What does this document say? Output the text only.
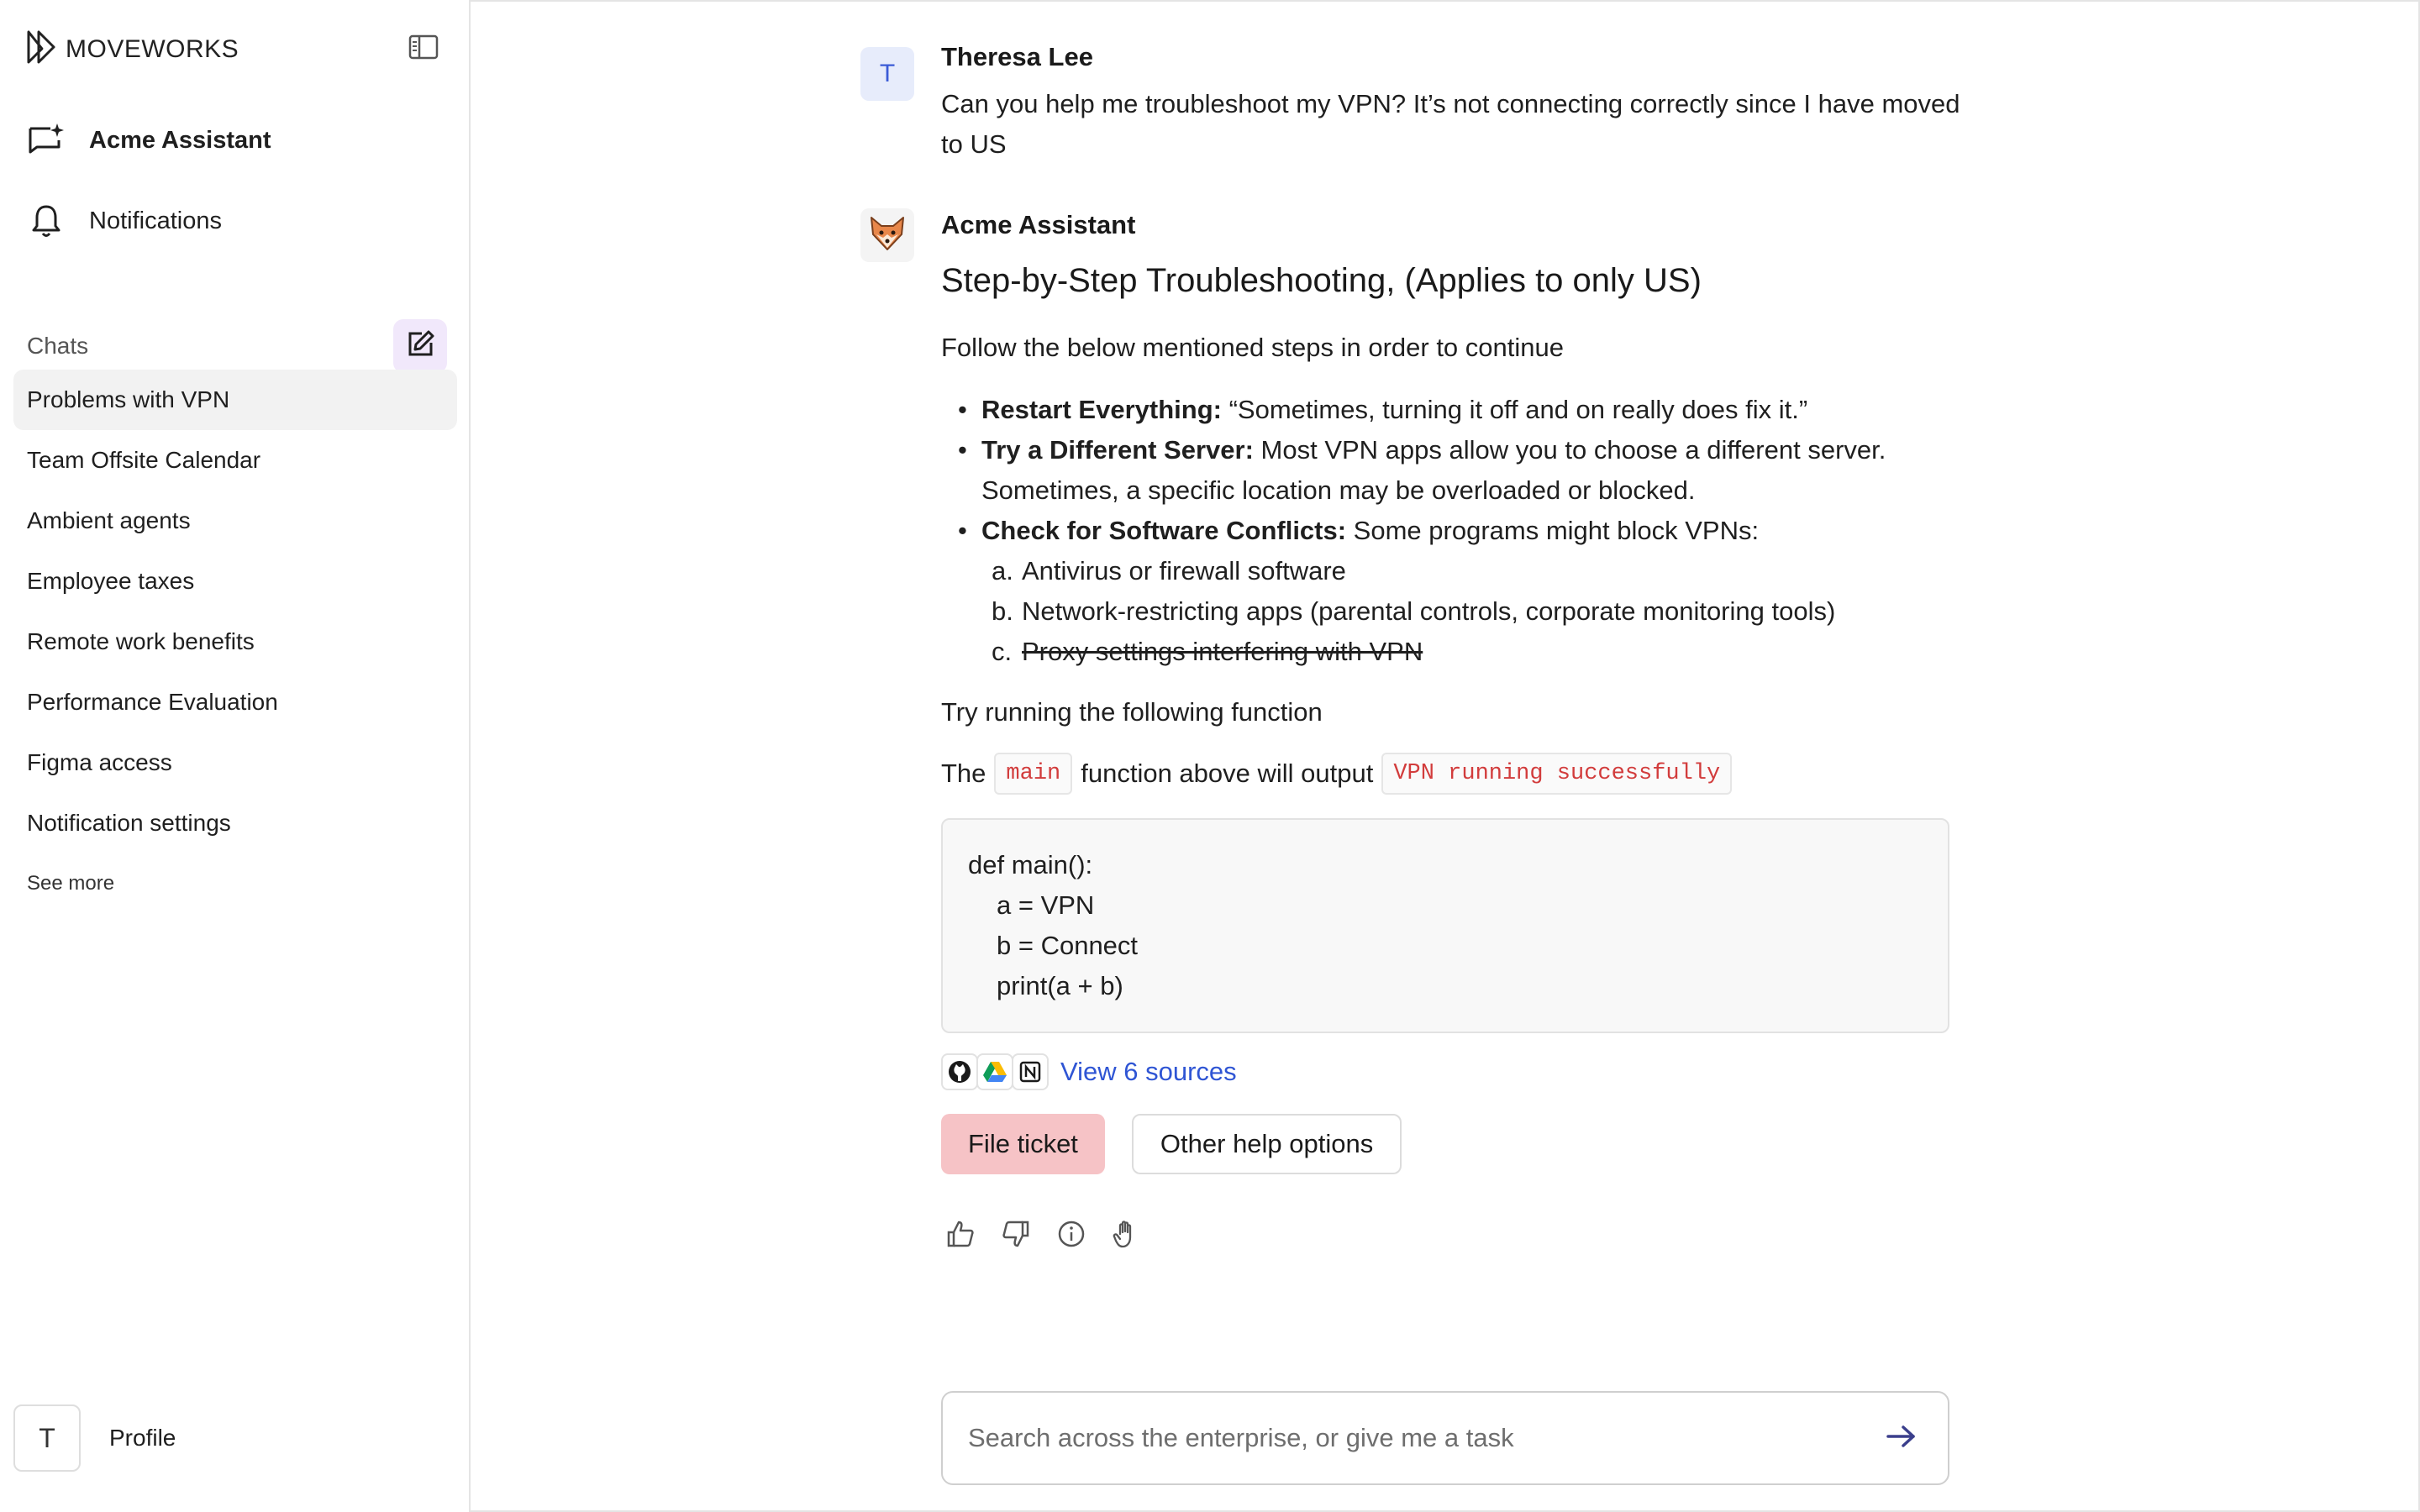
MOVEWORKS
Acme Assistant
Notifications
Chats
Problems with VPN
Team Offsite Calendar
Ambient agents
Employee taxes
Remote work benefits
Performance Evaluation
Figma access
Notification settings
See more
T	Profile
T
Theresa Lee
Can you help me troubleshoot my VPN? It’s not connecting correctly since I have moved to US
Acme Assistant
Step-by-Step Troubleshooting, (Applies to only US)
Follow the below mentioned steps in order to continue
• Restart Everything: “Sometimes, turning it off and on really does fix it.”
• Try a Different Server: Most VPN apps allow you to choose a different server. Sometimes, a specific location may be overloaded or blocked.
• Check for Software Conflicts: Some programs might block VPNs:
a. Antivirus or firewall software
b. Network-restricting apps (parental controls, corporate monitoring tools)
c. Proxy settings interfering with VPN
Try running the following function
The main function above will output VPN running successfully
def main():
a = VPN
b = Connect
print(a + b)
View 6 sources
File ticket	Other help options
Search across the enterprise, or give me a task
